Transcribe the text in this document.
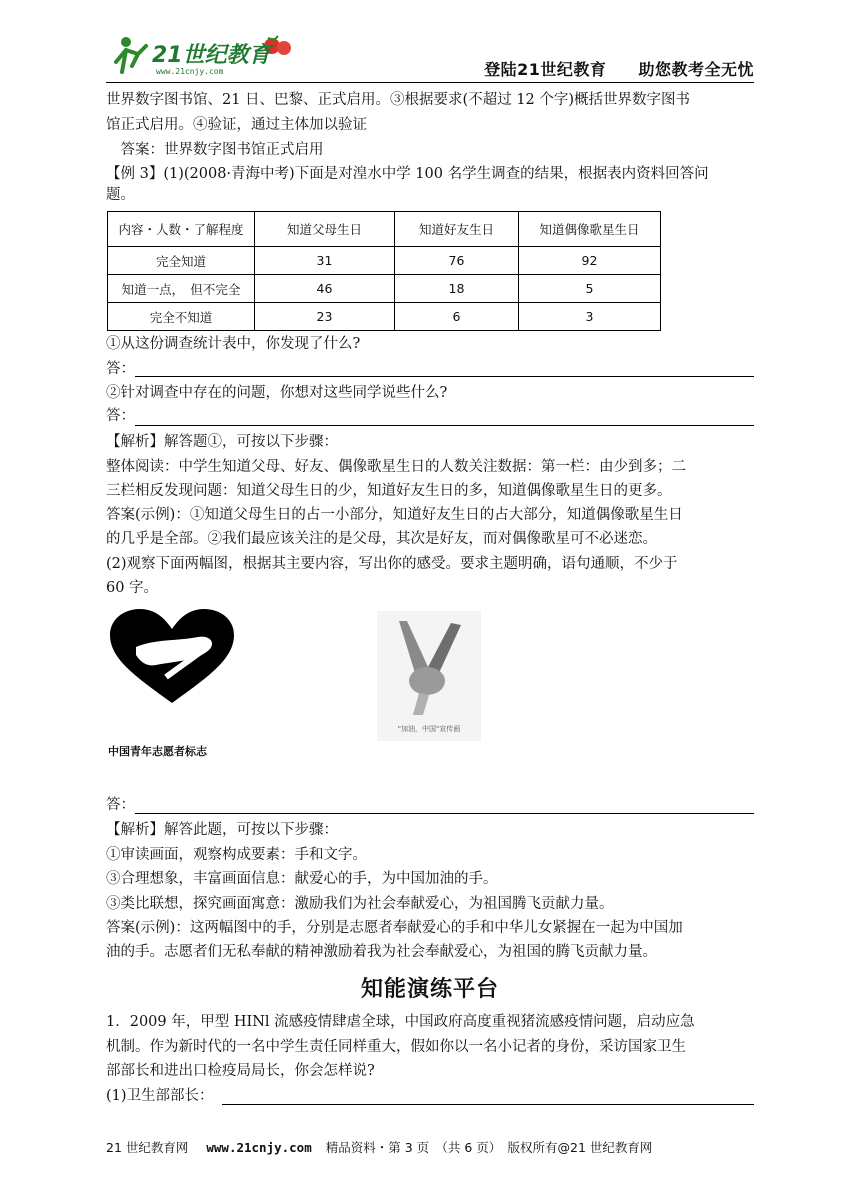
21世纪教育
www.21cnjy.com	登陆21世纪教育 助您教考全无忧
世界数字图书馆、21 日、巴黎、正式启用。③根据要求(不超过 12 个字)概括世界数字图书
馆正式启用。④验证，通过主体加以验证
　答案：世界数字图书馆正式启用
【例 3】(1)(2008·青海中考)下面是对湟水中学 100 名学生调查的结果，根据表内资料回答问
题。
内容・人数・了解程度	知道父母生日	知道好友生日	知道偶像歌星生日
完全知道	31	76	92
知道一点，　但不完全	46	18	5
完全不知道	23	6	3
①从这份调查统计表中，你发现了什么?
答：
②针对调查中存在的问题，你想对这些同学说些什么?
答：
【解析】解答题①，可按以下步骤：
整体阅读：中学生知道父母、好友、偶像歌星生日的人数关注数据：第一栏：由少到多；二
三栏相反发现问题：知道父母生日的少，知道好友生日的多，知道偶像歌星生日的更多。
答案(示例)：①知道父母生日的占一小部分，知道好友生日的占大部分，知道偶像歌星生日
的几乎是全部。②我们最应该关注的是父母，其次是好友，而对偶像歌星可不必迷恋。
(2)观察下面两幅图，根据其主要内容，写出你的感受。要求主题明确，语句通顺，不少于
60 字。
中国青年志愿者标志
"加油，中国"宣传画
答：
【解析】解答此题，可按以下步骤：
①审读画面，观察构成要素：手和文字。
③合理想象，丰富画面信息：献爱心的手，为中国加油的手。
③类比联想，探究画面寓意：激励我们为社会奉献爱心，为祖国腾飞贡献力量。
答案(示例)：这两幅图中的手，分别是志愿者奉献爱心的手和中华儿女紧握在一起为中国加
油的手。志愿者们无私奉献的精神激励着我为社会奉献爱心，为祖国的腾飞贡献力量。
知能演练平台
1．2009 年，甲型 HINl 流感疫情肆虐全球，中国政府高度重视猪流感疫情问题，启动应急
机制。作为新时代的一名中学生责任同样重大，假如你以一名小记者的身份，采访国家卫生
部部长和进出口检疫局局长，你会怎样说?
(1)卫生部部长：
21 世纪教育网 www.21cnjy.com 精品资料・第 3 页　（共 6 页）　版权所有@21 世纪教育网
